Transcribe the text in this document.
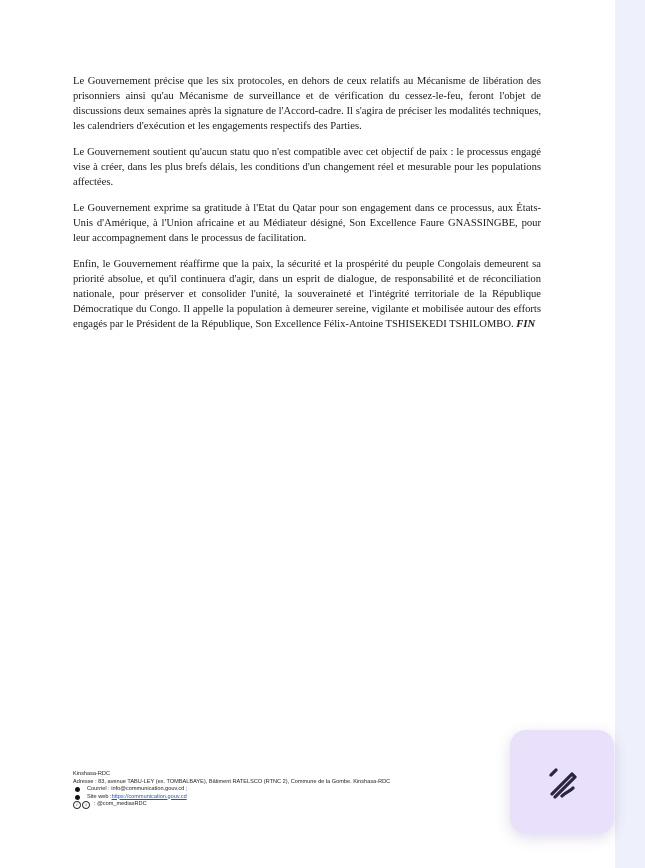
Le Gouvernement précise que les six protocoles, en dehors de ceux relatifs au Mécanisme de libération des prisonniers ainsi qu'au Mécanisme de surveillance et de vérification du cessez-le-feu, feront l'objet de discussions deux semaines après la signature de l'Accord-cadre. Il s'agira de préciser les modalités techniques, les calendriers d'exécution et les engagements respectifs des Parties.

Le Gouvernement soutient qu'aucun statu quo n'est compatible avec cet objectif de paix : le processus engagé vise à créer, dans les plus brefs délais, les conditions d'un changement réel et mesurable pour les populations affectées.

Le Gouvernement exprime sa gratitude à l'Etat du Qatar pour son engagement dans ce processus, aux États-Unis d'Amérique, à l'Union africaine et au Médiateur désigné, Son Excellence Faure GNASSINGBE, pour leur accompagnement dans le processus de facilitation.

Enfin, le Gouvernement réaffirme que la paix, la sécurité et la prospérité du peuple Congolais demeurent sa priorité absolue, et qu'il continuera d'agir, dans un esprit de dialogue, de responsabilité et de réconciliation nationale, pour préserver et consolider l'unité, la souveraineté et l'intégrité territoriale de la République Démocratique du Congo. Il appelle la population à demeurer sereine, vigilante et mobilisée autour des efforts engagés par le Président de la République, Son Excellence Félix-Antoine TSHISEKEDI TSHILOMBO. FIN

Kinshasa-RDC
Adresse : 83, avenue TABU-LEY (ex. TOMBALBAYE), Bâtiment RATELSCO (RTNC 2), Commune de la Gombe. Kinshasa-RDC
Courriel : info@communication.gouv.cd ;
Site web : https://communication.gouv.cd
✓	f	: @com_mediasRDC
